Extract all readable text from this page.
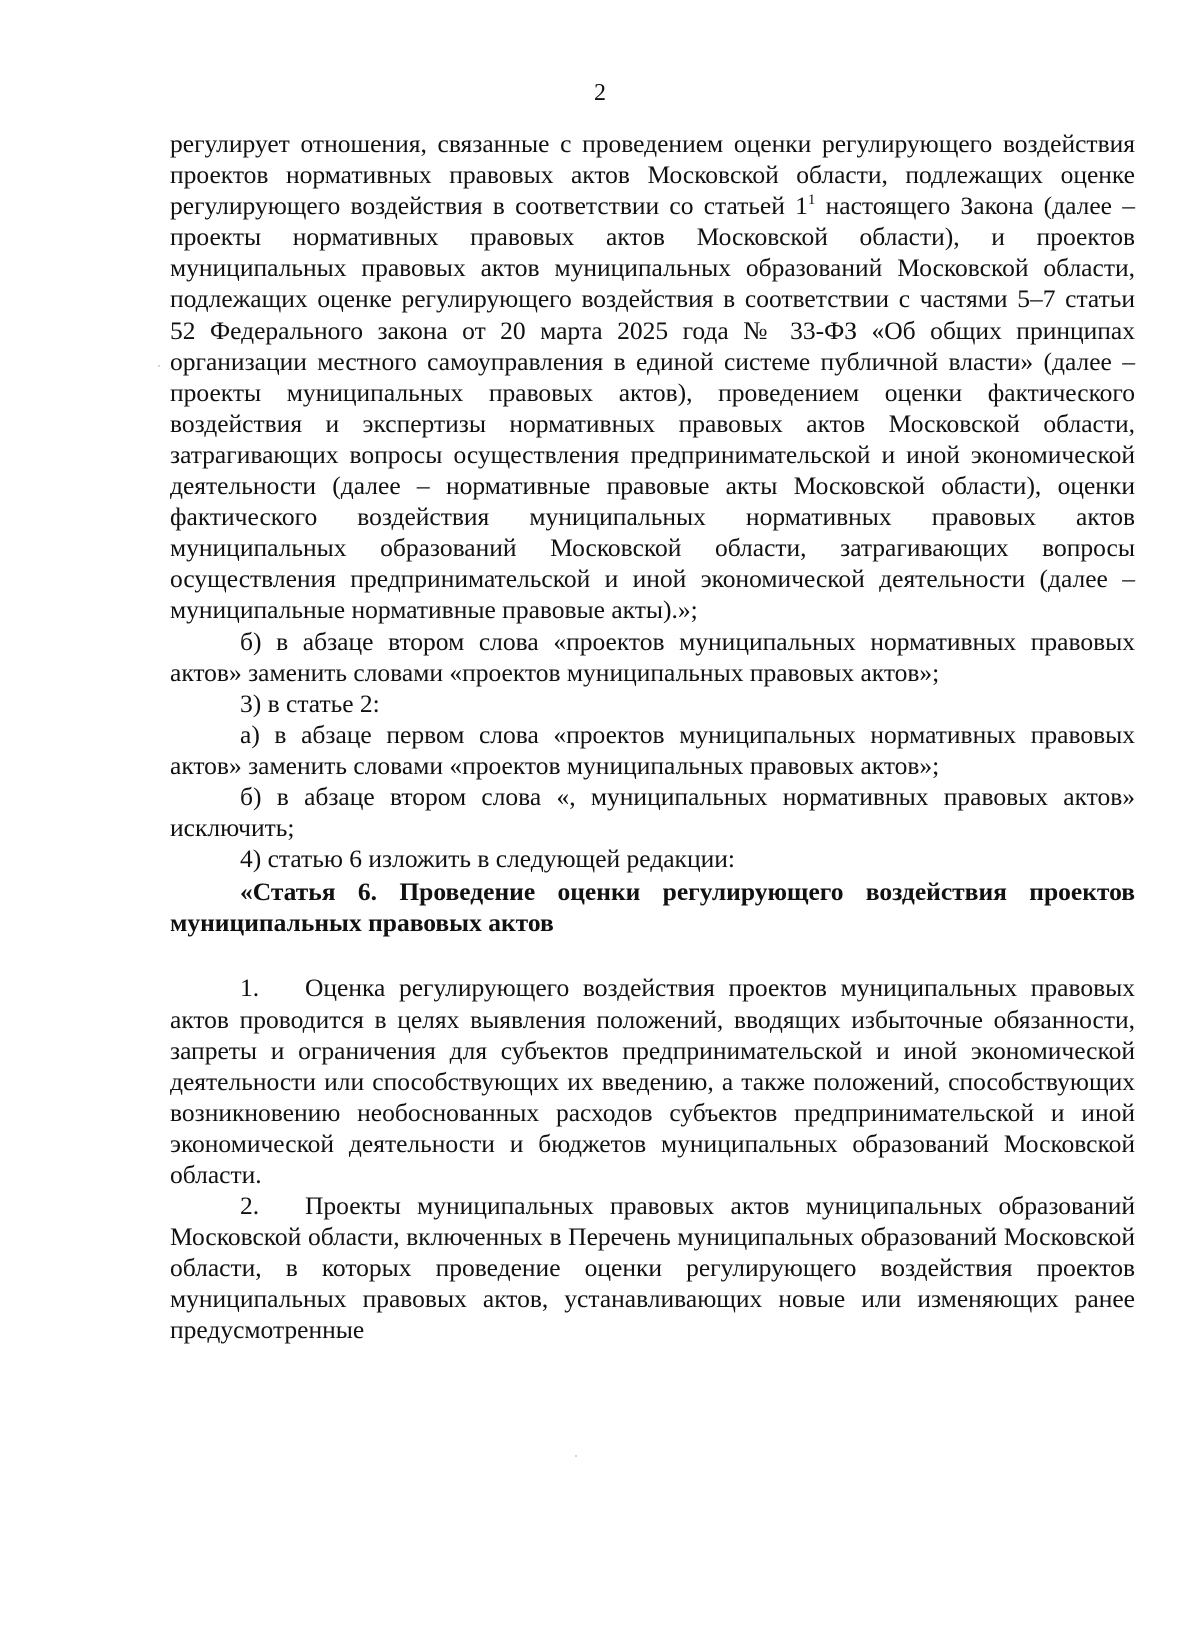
2

регулирует отношения, связанные с проведением оценки регулирующего воздействия проектов нормативных правовых актов Московской области, подлежащих оценке регулирующего воздействия в соответствии со статьей $1^1$ настоящего Закона (далее – проекты нормативных правовых актов Московской области), и проектов муниципальных правовых актов муниципальных образований Московской области, подлежащих оценке регулирующего воздействия в соответствии с частями 5–7 статьи 52 Федерального закона от 20 марта 2025 года № 33-ФЗ «Об общих принципах организации местного самоуправления в единой системе публичной власти» (далее – проекты муниципальных правовых актов), проведением оценки фактического воздействия и экспертизы нормативных правовых актов Московской области, затрагивающих вопросы осуществления предпринимательской и иной экономической деятельности (далее – нормативные правовые акты Московской области), оценки фактического воздействия муниципальных нормативных правовых актов муниципальных образований Московской области, затрагивающих вопросы осуществления предпринимательской и иной экономической деятельности (далее – муниципальные нормативные правовые акты).»;

б) в абзаце втором слова «проектов муниципальных нормативных правовых актов» заменить словами «проектов муниципальных правовых актов»;

3) в статье 2:

а) в абзаце первом слова «проектов муниципальных нормативных правовых актов» заменить словами «проектов муниципальных правовых актов»;

б) в абзаце втором слова «, муниципальных нормативных правовых актов» исключить;

4) статью 6 изложить в следующей редакции:

«Статья 6. Проведение оценки регулирующего воздействия проектов муниципальных правовых актов

1. Оценка регулирующего воздействия проектов муниципальных правовых актов проводится в целях выявления положений, вводящих избыточные обязанности, запреты и ограничения для субъектов предпринимательской и иной экономической деятельности или способствующих их введению, а также положений, способствующих возникновению необоснованных расходов субъектов предпринимательской и иной экономической деятельности и бюджетов муниципальных образований Московской области.

2. Проекты муниципальных правовых актов муниципальных образований Московской области, включенных в Перечень муниципальных образований Московской области, в которых проведение оценки регулирующего воздействия проектов муниципальных правовых актов, устанавливающих новые или изменяющих ранее предусмотренные
